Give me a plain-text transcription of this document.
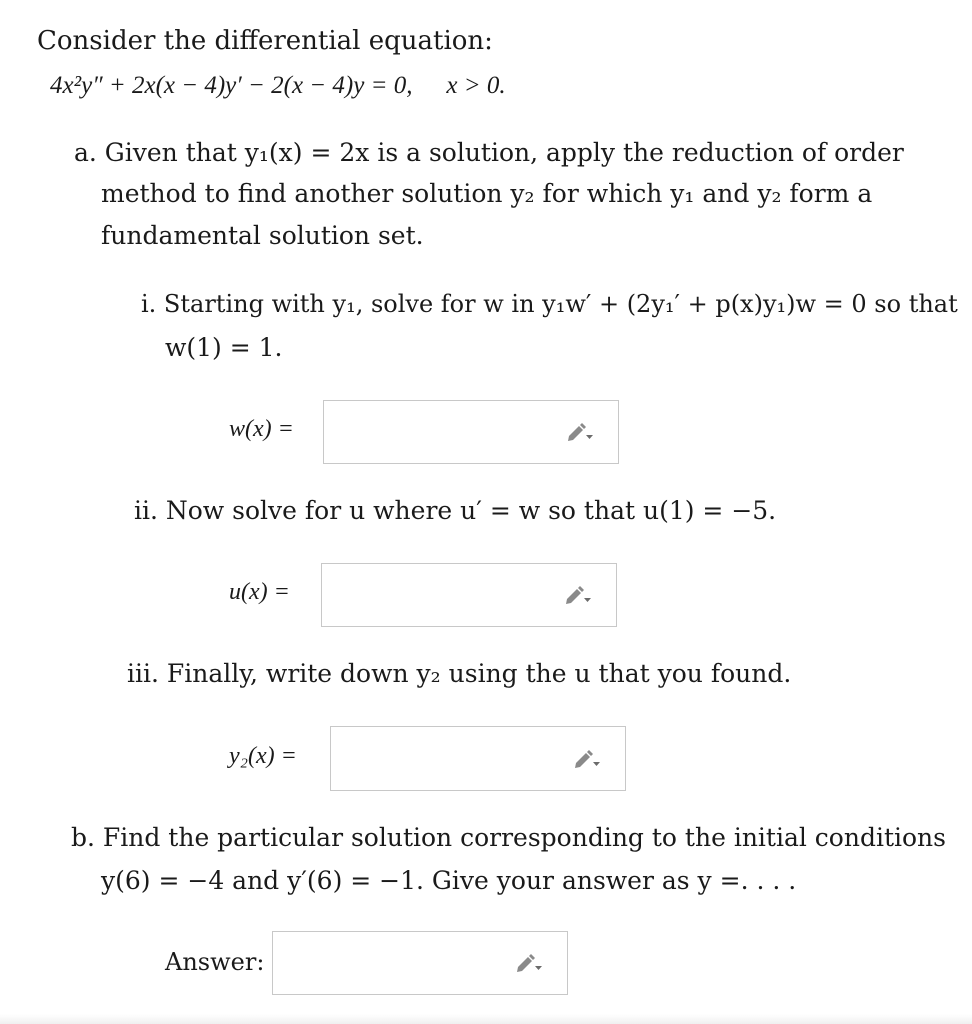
Consider the differential equation:
4x²y″ + 2x(x − 4)y′ − 2(x − 4)y = 0, x > 0.
a. Given that y₁(x) = 2x is a solution, apply the reduction of order
method to find another solution y₂ for which y₁ and y₂ form a
fundamental solution set.
i. Starting with y₁, solve for w in y₁w′ + (2y₁′ + p(x)y₁)w = 0 so that
w(1) = 1.
w(x) =
ii. Now solve for u where u′ = w so that u(1) = −5.
u(x) =
iii. Finally, write down y₂ using the u that you found.
y₂(x) =
b. Find the particular solution corresponding to the initial conditions
y(6) = −4 and y′(6) = −1. Give your answer as y =. . . .
Answer:
